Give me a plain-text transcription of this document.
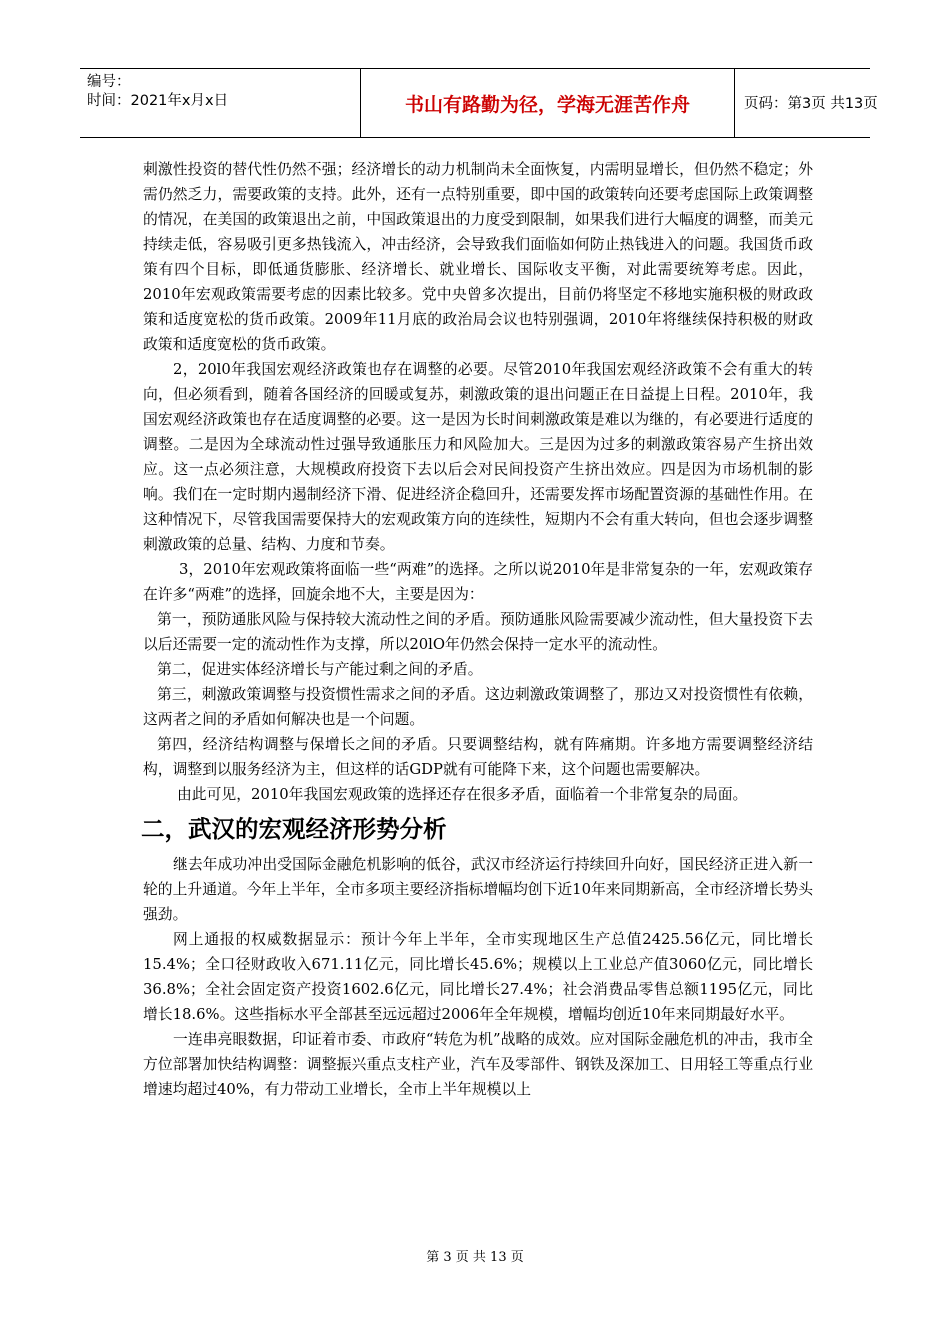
编号：
时间：2021年x月x日	书山有路勤为径，学海无涯苦作舟	页码：第3页 共13页

刺激性投资的替代性仍然不强；经济增长的动力机制尚未全面恢复，内需明显增长，但仍然不稳定；外需仍然乏力，需要政策的支持。此外，还有一点特别重要，即中国的政策转向还要考虑国际上政策调整的情况，在美国的政策退出之前，中国政策退出的力度受到限制，如果我们进行大幅度的调整，而美元持续走低，容易吸引更多热钱流入，冲击经济，会导致我们面临如何防止热钱进入的问题。我国货币政策有四个目标，即低通货膨胀、经济增长、就业增长、国际收支平衡，对此需要统筹考虑。因此，2010年宏观政策需要考虑的因素比较多。党中央曾多次提出，目前仍将坚定不移地实施积极的财政政策和适度宽松的货币政策。2009年11月底的政治局会议也特别强调，2010年将继续保持积极的财政政策和适度宽松的货币政策。

2，20l0年我国宏观经济政策也存在调整的必要。尽管2010年我国宏观经济政策不会有重大的转向，但必须看到，随着各国经济的回暖或复苏，刺激政策的退出问题正在日益提上日程。2010年，我国宏观经济政策也存在适度调整的必要。这一是因为长时间刺激政策是难以为继的，有必要进行适度的调整。二是因为全球流动性过强导致通胀压力和风险加大。三是因为过多的刺激政策容易产生挤出效应。这一点必须注意，大规模政府投资下去以后会对民间投资产生挤出效应。四是因为市场机制的影响。我们在一定时期内遏制经济下滑、促进经济企稳回升，还需要发挥市场配置资源的基础性作用。在这种情况下，尽管我国需要保持大的宏观政策方向的连续性，短期内不会有重大转向，但也会逐步调整刺激政策的总量、结构、力度和节奏。

3，2010年宏观政策将面临一些“两难”的选择。之所以说2010年是非常复杂的一年，宏观政策存在许多“两难”的选择，回旋余地不大，主要是因为：

第一，预防通胀风险与保持较大流动性之间的矛盾。预防通胀风险需要减少流动性，但大量投资下去以后还需要一定的流动性作为支撑，所以20lO年仍然会保持一定水平的流动性。

第二，促进实体经济增长与产能过剩之间的矛盾。

第三，刺激政策调整与投资惯性需求之间的矛盾。这边刺激政策调整了，那边又对投资惯性有依赖，这两者之间的矛盾如何解决也是一个问题。

第四，经济结构调整与保增长之间的矛盾。只要调整结构，就有阵痛期。许多地方需要调整经济结构，调整到以服务经济为主，但这样的话GDP就有可能降下来，这个问题也需要解决。

由此可见，2010年我国宏观政策的选择还存在很多矛盾，面临着一个非常复杂的局面。

二，武汉的宏观经济形势分析

继去年成功冲出受国际金融危机影响的低谷，武汉市经济运行持续回升向好，国民经济正进入新一轮的上升通道。今年上半年，全市多项主要经济指标增幅均创下近10年来同期新高，全市经济增长势头强劲。

网上通报的权威数据显示：预计今年上半年，全市实现地区生产总值2425.56亿元，同比增长15.4%；全口径财政收入671.11亿元，同比增长45.6%；规模以上工业总产值3060亿元，同比增长36.8%；全社会固定资产投资1602.6亿元，同比增长27.4%；社会消费品零售总额1195亿元，同比增长18.6%。这些指标水平全部甚至远远超过2006年全年规模，增幅均创近10年来同期最好水平。

一连串亮眼数据，印证着市委、市政府“转危为机”战略的成效。应对国际金融危机的冲击，我市全方位部署加快结构调整：调整振兴重点支柱产业，汽车及零部件、钢铁及深加工、日用轻工等重点行业增速均超过40%，有力带动工业增长，全市上半年规模以上

第 3 页 共 13 页
